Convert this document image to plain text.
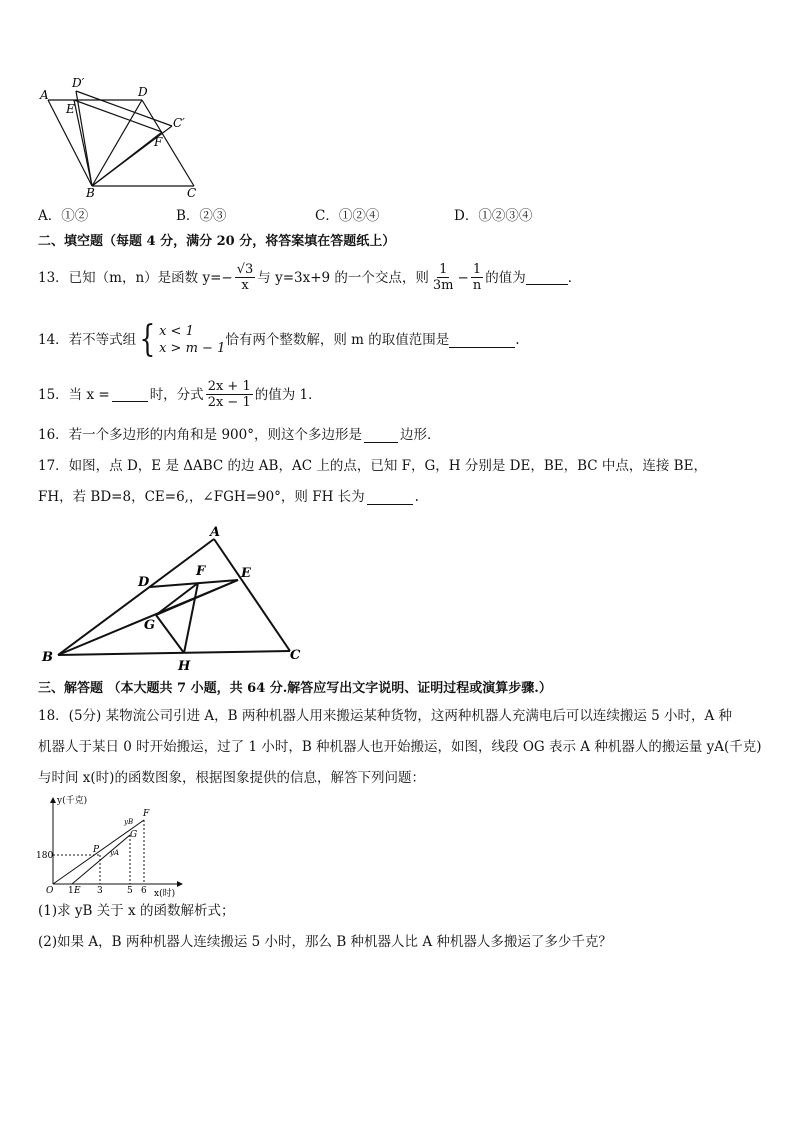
A
D′
D
E
C′
F
B	C
A．①②	B．②③	C．①②④	D．①②③④
二、填空题（每题 4 分，满分 20 分，将答案填在答题纸上）
13．已知（m，n）是函数 $y=- \frac{√3}{x}$ 与 y=3x+9 的一个交点，则 $\frac{1}{3m} - \frac{1}{n}$ 的值为	．
14．若不等式组 { x < 1
x > m − 1
恰有两个整数解，则 m 的取值范围是	.
15．当 x =	时，分式 $\frac{2x + 1}{2x - 1}$ 的值为 1．
16．若一个多边形的内角和是 900°，则这个多边形是	边形．
17．如图，点 D，E 是 ΔABC 的边 AB，AC 上的点，已知 F，G，H 分别是 DE，BE，BC 中点，连接 BE，
FH，若 BD=8，CE=6,，∠FGH=90°，则 FH 长为	.
A
D
F	E
G
B
H
C
三、解答题 （本大题共 7 小题，共 64 分.解答应写出文字说明、证明过程或演算步骤.）
18．(5分) 某物流公司引进 A，B 两种机器人用来搬运某种货物，这两种机器人充满电后可以连续搬运 5 小时，A 种
机器人于某日 0 时开始搬运，过了 1 小时，B 种机器人也开始搬运，如图，线段 OG 表示 A 种机器人的搬运量 yA(千克)
与时间 x(时)的函数图象，根据图象提供的信息，解答下列问题：
y(千克)
x(时)
180
O 1 E 3	5 6
P
G
F
yB
yA
(1)求 yB 关于 x 的函数解析式；
(2)如果 A，B 两种机器人连续搬运 5 小时，那么 B 种机器人比 A 种机器人多搬运了多少千克？
